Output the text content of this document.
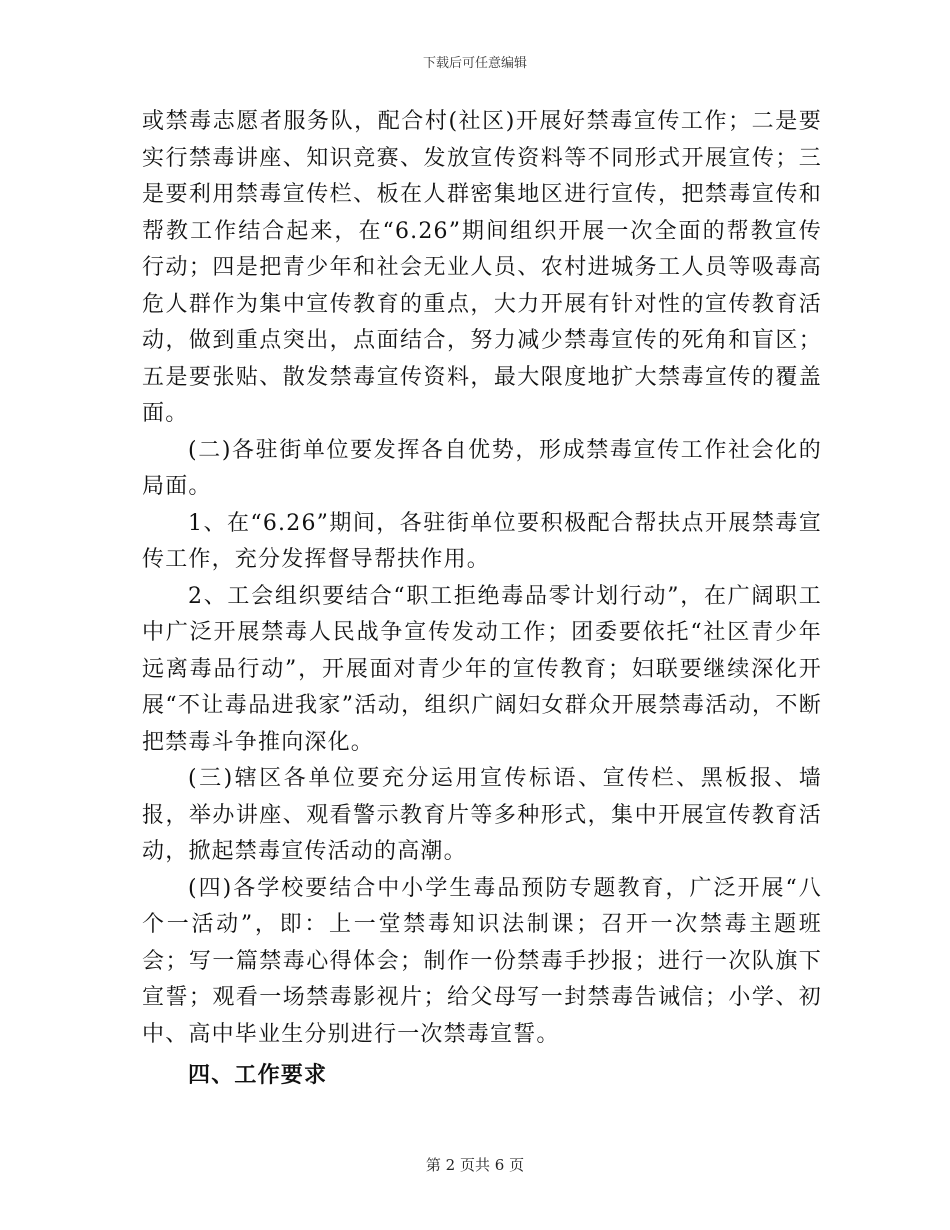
下载后可任意编辑

或禁毒志愿者服务队，配合村(社区)开展好禁毒宣传工作；二是要实行禁毒讲座、知识竞赛、发放宣传资料等不同形式开展宣传；三是要利用禁毒宣传栏、板在人群密集地区进行宣传，把禁毒宣传和帮教工作结合起来，在“6.26”期间组织开展一次全面的帮教宣传行动；四是把青少年和社会无业人员、农村进城务工人员等吸毒高危人群作为集中宣传教育的重点，大力开展有针对性的宣传教育活动，做到重点突出，点面结合，努力减少禁毒宣传的死角和盲区；五是要张贴、散发禁毒宣传资料，最大限度地扩大禁毒宣传的覆盖面。

(二)各驻街单位要发挥各自优势，形成禁毒宣传工作社会化的局面。

1、在“6.26”期间，各驻街单位要积极配合帮扶点开展禁毒宣传工作，充分发挥督导帮扶作用。

2、工会组织要结合“职工拒绝毒品零计划行动”，在广阔职工中广泛开展禁毒人民战争宣传发动工作；团委要依托“社区青少年远离毒品行动”，开展面对青少年的宣传教育；妇联要继续深化开展“不让毒品进我家”活动，组织广阔妇女群众开展禁毒活动，不断把禁毒斗争推向深化。

(三)辖区各单位要充分运用宣传标语、宣传栏、黑板报、墙报，举办讲座、观看警示教育片等多种形式，集中开展宣传教育活动，掀起禁毒宣传活动的高潮。

(四)各学校要结合中小学生毒品预防专题教育，广泛开展“八个一活动”，即：上一堂禁毒知识法制课；召开一次禁毒主题班会；写一篇禁毒心得体会；制作一份禁毒手抄报；进行一次队旗下宣誓；观看一场禁毒影视片；给父母写一封禁毒告诫信；小学、初中、高中毕业生分别进行一次禁毒宣誓。

四、工作要求

第 2 页共 6 页
